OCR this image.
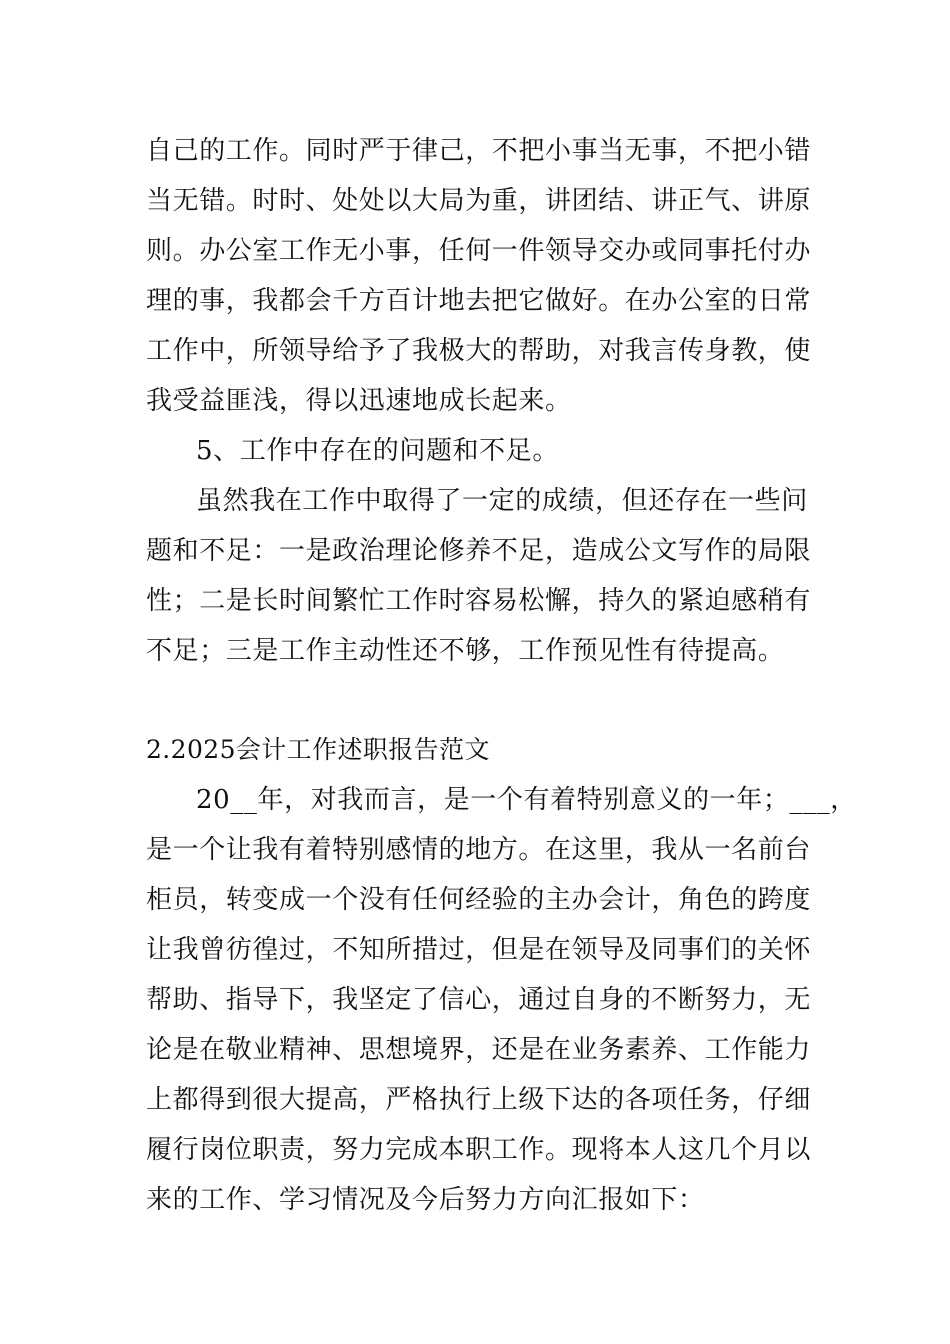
自己的工作。同时严于律己，不把小事当无事，不把小错
当无错。时时、处处以大局为重，讲团结、讲正气、讲原
则。办公室工作无小事，任何一件领导交办或同事托付办
理的事，我都会千方百计地去把它做好。在办公室的日常
工作中，所领导给予了我极大的帮助，对我言传身教，使
我受益匪浅，得以迅速地成长起来。
5、工作中存在的问题和不足。
虽然我在工作中取得了一定的成绩，但还存在一些问
题和不足：一是政治理论修养不足，造成公文写作的局限
性；二是长时间繁忙工作时容易松懈，持久的紧迫感稍有
不足；三是工作主动性还不够，工作预见性有待提高。
2.2025会计工作述职报告范文
20__年，对我而言，是一个有着特别意义的一年；___，
是一个让我有着特别感情的地方。在这里，我从一名前台
柜员，转变成一个没有任何经验的主办会计，角色的跨度
让我曾彷徨过，不知所措过，但是在领导及同事们的关怀
帮助、指导下，我坚定了信心，通过自身的不断努力，无
论是在敬业精神、思想境界，还是在业务素养、工作能力
上都得到很大提高，严格执行上级下达的各项任务，仔细
履行岗位职责，努力完成本职工作。现将本人这几个月以
来的工作、学习情况及今后努力方向汇报如下：
